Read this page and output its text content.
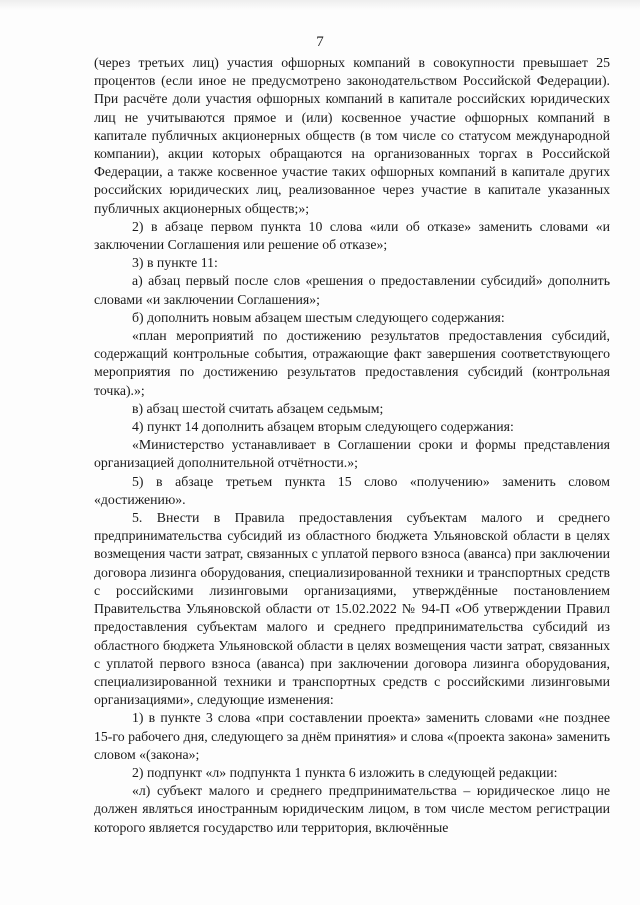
7

(через третьих лиц) участия офшорных компаний в совокупности превышает 25 процентов (если иное не предусмотрено законодательством Российской Федерации). При расчёте доли участия офшорных компаний в капитале российских юридических лиц не учитываются прямое и (или) косвенное участие офшорных компаний в капитале публичных акционерных обществ (в том числе со статусом международной компании), акции которых обращаются на организованных торгах в Российской Федерации, а также косвенное участие таких офшорных компаний в капитале других российских юридических лиц, реализованное через участие в капитале указанных публичных акционерных обществ;»;

2) в абзаце первом пункта 10 слова «или об отказе» заменить словами «и заключении Соглашения или решение об отказе»;

3) в пункте 11:

а) абзац первый после слов «решения о предоставлении субсидий» дополнить словами «и заключении Соглашения»;

б) дополнить новым абзацем шестым следующего содержания:

«план мероприятий по достижению результатов предоставления субсидий, содержащий контрольные события, отражающие факт завершения соответствующего мероприятия по достижению результатов предоставления субсидий (контрольная точка).»;

в) абзац шестой считать абзацем седьмым;

4) пункт 14 дополнить абзацем вторым следующего содержания:

«Министерство устанавливает в Соглашении сроки и формы представления организацией дополнительной отчётности.»;

5) в абзаце третьем пункта 15 слово «получению» заменить словом «достижению».

5. Внести в Правила предоставления субъектам малого и среднего предпринимательства субсидий из областного бюджета Ульяновской области в целях возмещения части затрат, связанных с уплатой первого взноса (аванса) при заключении договора лизинга оборудования, специализированной техники и транспортных средств с российскими лизинговыми организациями, утверждённые постановлением Правительства Ульяновской области от 15.02.2022 № 94-П «Об утверждении Правил предоставления субъектам малого и среднего предпринимательства субсидий из областного бюджета Ульяновской области в целях возмещения части затрат, связанных с уплатой первого взноса (аванса) при заключении договора лизинга оборудования, специализированной техники и транспортных средств с российскими лизинговыми организациями», следующие изменения:

1) в пункте 3 слова «при составлении проекта» заменить словами «не позднее 15-го рабочего дня, следующего за днём принятия» и слова «(проекта закона» заменить словом «(закона»;

2) подпункт «л» подпункта 1 пункта 6 изложить в следующей редакции:

«л) субъект малого и среднего предпринимательства – юридическое лицо не должен являться иностранным юридическим лицом, в том числе местом регистрации которого является государство или территория, включённые
